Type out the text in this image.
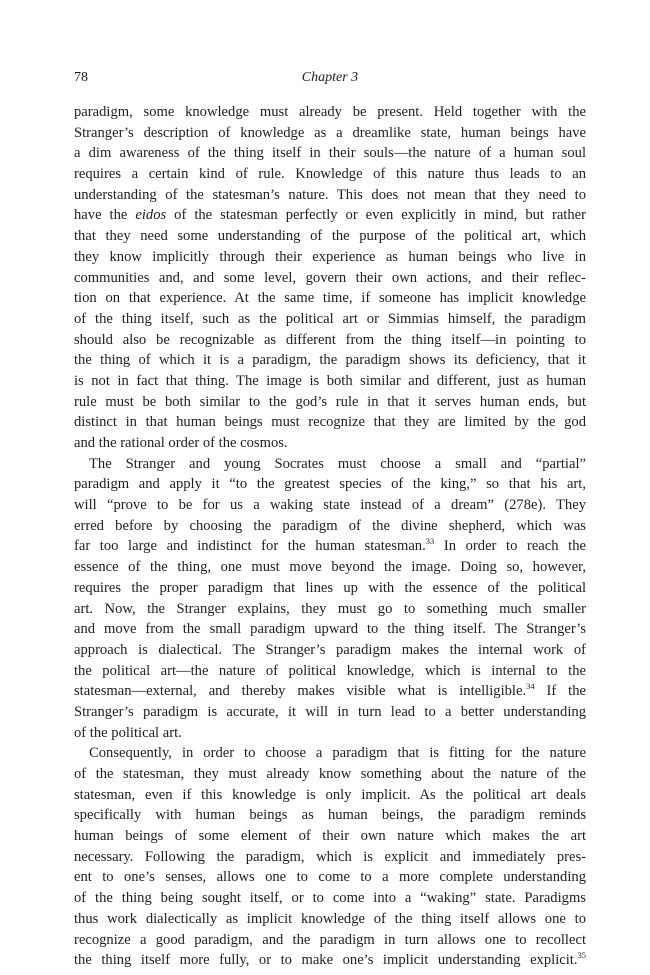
78	Chapter 3
paradigm, some knowledge must already be present. Held together with the
Stranger’s description of knowledge as a dreamlike state, human beings have
a dim awareness of the thing itself in their souls—the nature of a human soul
requires a certain kind of rule. Knowledge of this nature thus leads to an
understanding of the statesman’s nature. This does not mean that they need to
have the eidos of the statesman perfectly or even explicitly in mind, but rather
that they need some understanding of the purpose of the political art, which
they know implicitly through their experience as human beings who live in
communities and, and some level, govern their own actions, and their reflec-
tion on that experience. At the same time, if someone has implicit knowledge
of the thing itself, such as the political art or Simmias himself, the paradigm
should also be recognizable as different from the thing itself—in pointing to
the thing of which it is a paradigm, the paradigm shows its deficiency, that it
is not in fact that thing. The image is both similar and different, just as human
rule must be both similar to the god’s rule in that it serves human ends, but
distinct in that human beings must recognize that they are limited by the god
and the rational order of the cosmos.
The Stranger and young Socrates must choose a small and “partial”
paradigm and apply it “to the greatest species of the king,” so that his art,
will “prove to be for us a waking state instead of a dream” (278e). They
erred before by choosing the paradigm of the divine shepherd, which was
far too large and indistinct for the human statesman.$^{33}$ In order to reach the
essence of the thing, one must move beyond the image. Doing so, however,
requires the proper paradigm that lines up with the essence of the political
art. Now, the Stranger explains, they must go to something much smaller
and move from the small paradigm upward to the thing itself. The Stranger’s
approach is dialectical. The Stranger’s paradigm makes the internal work of
the political art—the nature of political knowledge, which is internal to the
statesman—external, and thereby makes visible what is intelligible.$^{34}$ If the
Stranger’s paradigm is accurate, it will in turn lead to a better understanding
of the political art.
Consequently, in order to choose a paradigm that is fitting for the nature
of the statesman, they must already know something about the nature of the
statesman, even if this knowledge is only implicit. As the political art deals
specifically with human beings as human beings, the paradigm reminds
human beings of some element of their own nature which makes the art
necessary. Following the paradigm, which is explicit and immediately pres-
ent to one’s senses, allows one to come to a more complete understanding
of the thing being sought itself, or to come into a “waking” state. Paradigms
thus work dialectically as implicit knowledge of the thing itself allows one to
recognize a good paradigm, and the paradigm in turn allows one to recollect
the thing itself more fully, or to make one’s implicit understanding explicit.$^{35}$
